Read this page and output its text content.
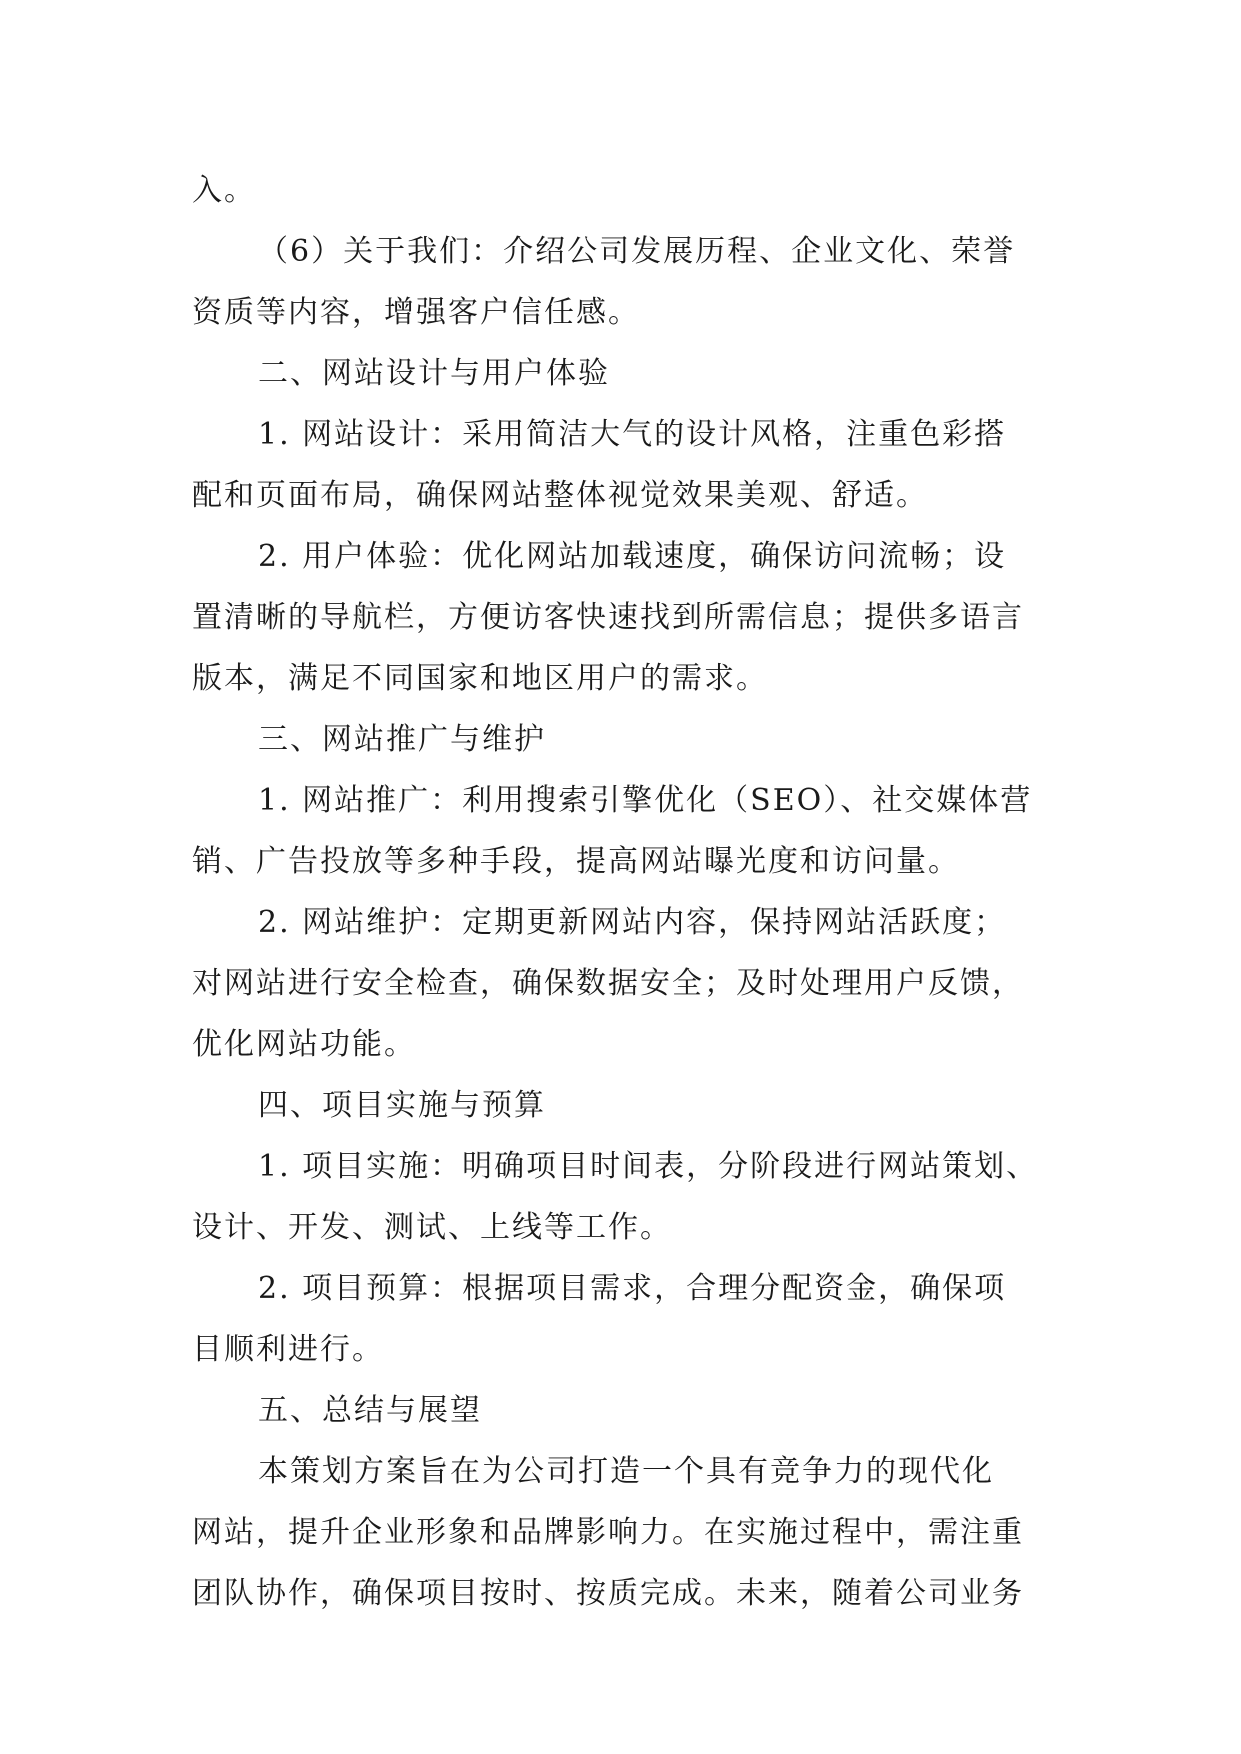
入。
（6）关于我们：介绍公司发展历程、企业文化、荣誉
资质等内容，增强客户信任感。
二、网站设计与用户体验
1. 网站设计：采用简洁大气的设计风格，注重色彩搭
配和页面布局，确保网站整体视觉效果美观、舒适。
2. 用户体验：优化网站加载速度，确保访问流畅；设
置清晰的导航栏，方便访客快速找到所需信息；提供多语言
版本，满足不同国家和地区用户的需求。
三、网站推广与维护
1. 网站推广：利用搜索引擎优化（SEO）、社交媒体营
销、广告投放等多种手段，提高网站曝光度和访问量。
2. 网站维护：定期更新网站内容，保持网站活跃度；
对网站进行安全检查，确保数据安全；及时处理用户反馈，
优化网站功能。
四、项目实施与预算
1. 项目实施：明确项目时间表，分阶段进行网站策划、
设计、开发、测试、上线等工作。
2. 项目预算：根据项目需求，合理分配资金，确保项
目顺利进行。
五、总结与展望
本策划方案旨在为公司打造一个具有竞争力的现代化
网站，提升企业形象和品牌影响力。在实施过程中，需注重
团队协作，确保项目按时、按质完成。未来，随着公司业务
